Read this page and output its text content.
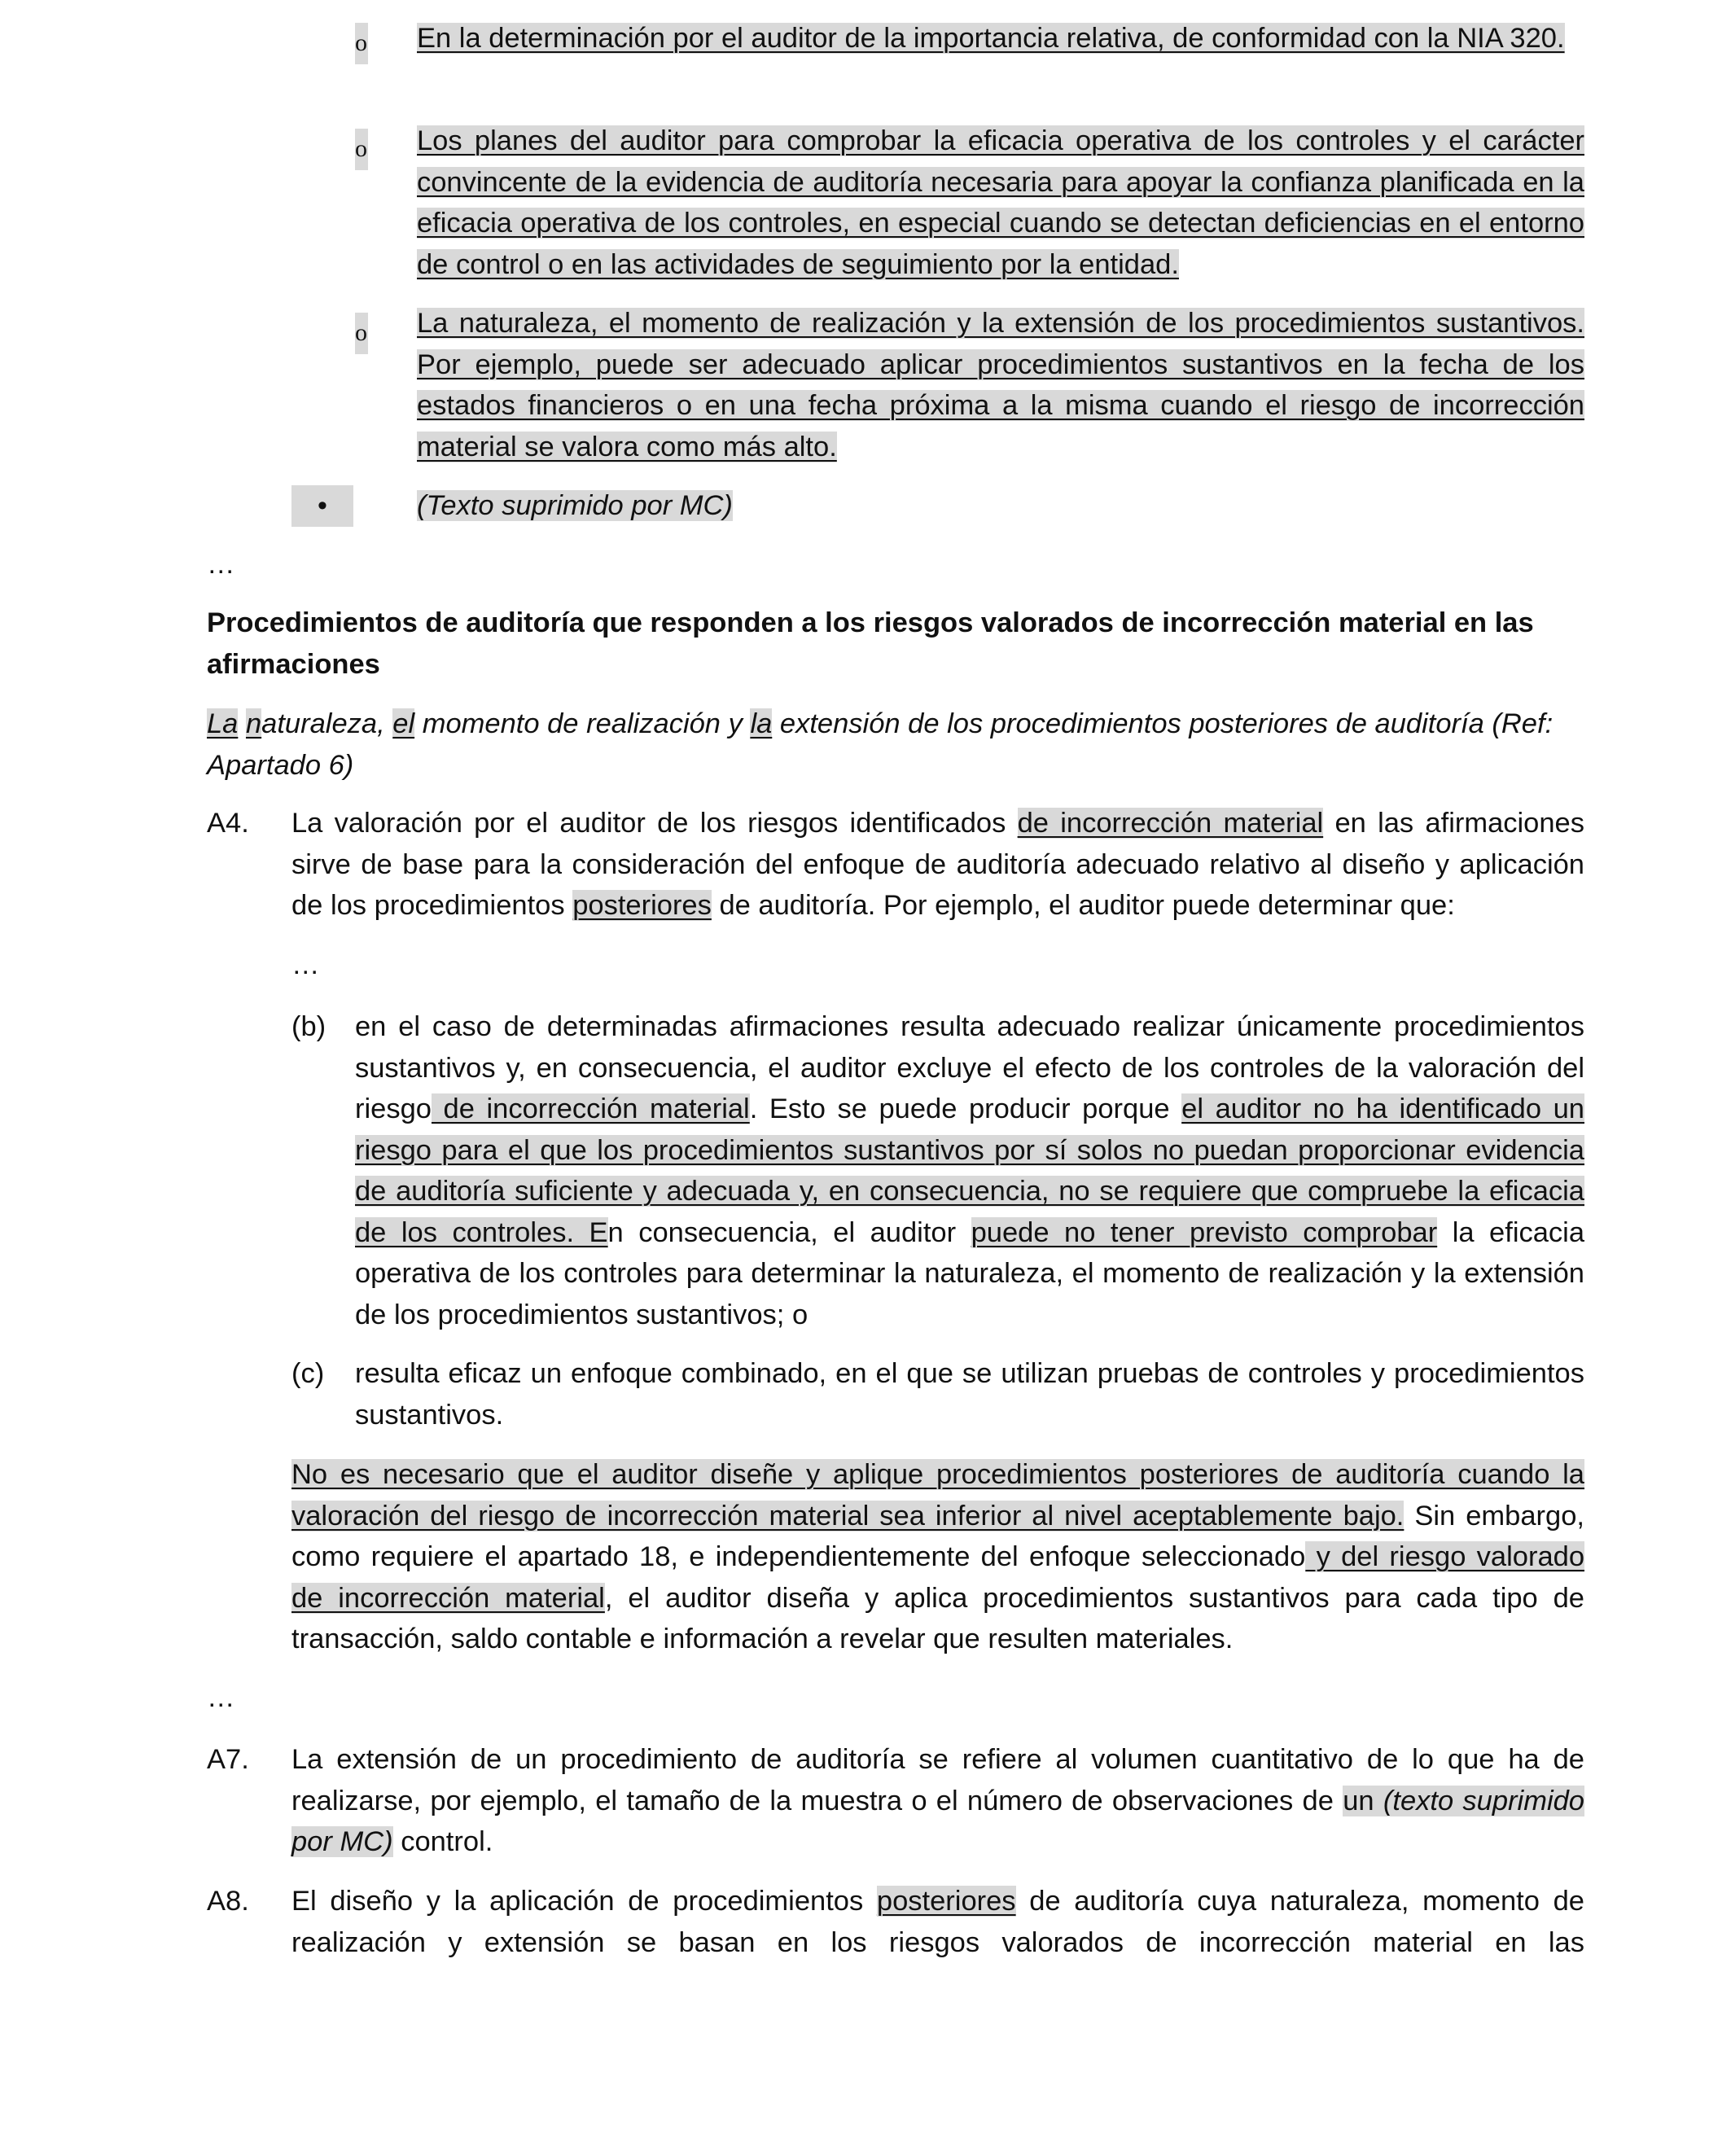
o En la determinación por el auditor de la importancia relativa, de conformidad con la NIA 320.
o Los planes del auditor para comprobar la eficacia operativa de los controles y el carácter convincente de la evidencia de auditoría necesaria para apoyar la confianza planificada en la eficacia operativa de los controles, en especial cuando se detectan deficiencias en el entorno de control o en las actividades de seguimiento por la entidad.
o La naturaleza, el momento de realización y la extensión de los procedimientos sustantivos. Por ejemplo, puede ser adecuado aplicar procedimientos sustantivos en la fecha de los estados financieros o en una fecha próxima a la misma cuando el riesgo de incorrección material se valora como más alto.
•	(Texto suprimido por MC)
…
Procedimientos de auditoría que responden a los riesgos valorados de incorrección material en las afirmaciones
La naturaleza, el momento de realización y la extensión de los procedimientos posteriores de auditoría (Ref: Apartado 6)
A4. La valoración por el auditor de los riesgos identificados de incorrección material en las afirmaciones sirve de base para la consideración del enfoque de auditoría adecuado relativo al diseño y aplicación de los procedimientos posteriores de auditoría. Por ejemplo, el auditor puede determinar que:
…
(b) en el caso de determinadas afirmaciones resulta adecuado realizar únicamente procedimientos sustantivos y, en consecuencia, el auditor excluye el efecto de los controles de la valoración del riesgo de incorrección material. Esto se puede producir porque el auditor no ha identificado un riesgo para el que los procedimientos sustantivos por sí solos no puedan proporcionar evidencia de auditoría suficiente y adecuada y, en consecuencia, no se requiere que compruebe la eficacia de los controles. En consecuencia, el auditor puede no tener previsto comprobar la eficacia operativa de los controles para determinar la naturaleza, el momento de realización y la extensión de los procedimientos sustantivos; o
(c) resulta eficaz un enfoque combinado, en el que se utilizan pruebas de controles y procedimientos sustantivos.
No es necesario que el auditor diseñe y aplique procedimientos posteriores de auditoría cuando la valoración del riesgo de incorrección material sea inferior al nivel aceptablemente bajo. Sin embargo, como requiere el apartado 18, e independientemente del enfoque seleccionado y del riesgo valorado de incorrección material, el auditor diseña y aplica procedimientos sustantivos para cada tipo de transacción, saldo contable e información a revelar que resulten materiales.
…
A7. La extensión de un procedimiento de auditoría se refiere al volumen cuantitativo de lo que ha de realizarse, por ejemplo, el tamaño de la muestra o el número de observaciones de un (texto suprimido por MC) control.
A8. El diseño y la aplicación de procedimientos posteriores de auditoría cuya naturaleza, momento de realización y extensión se basan en los riesgos valorados de incorrección material en las
